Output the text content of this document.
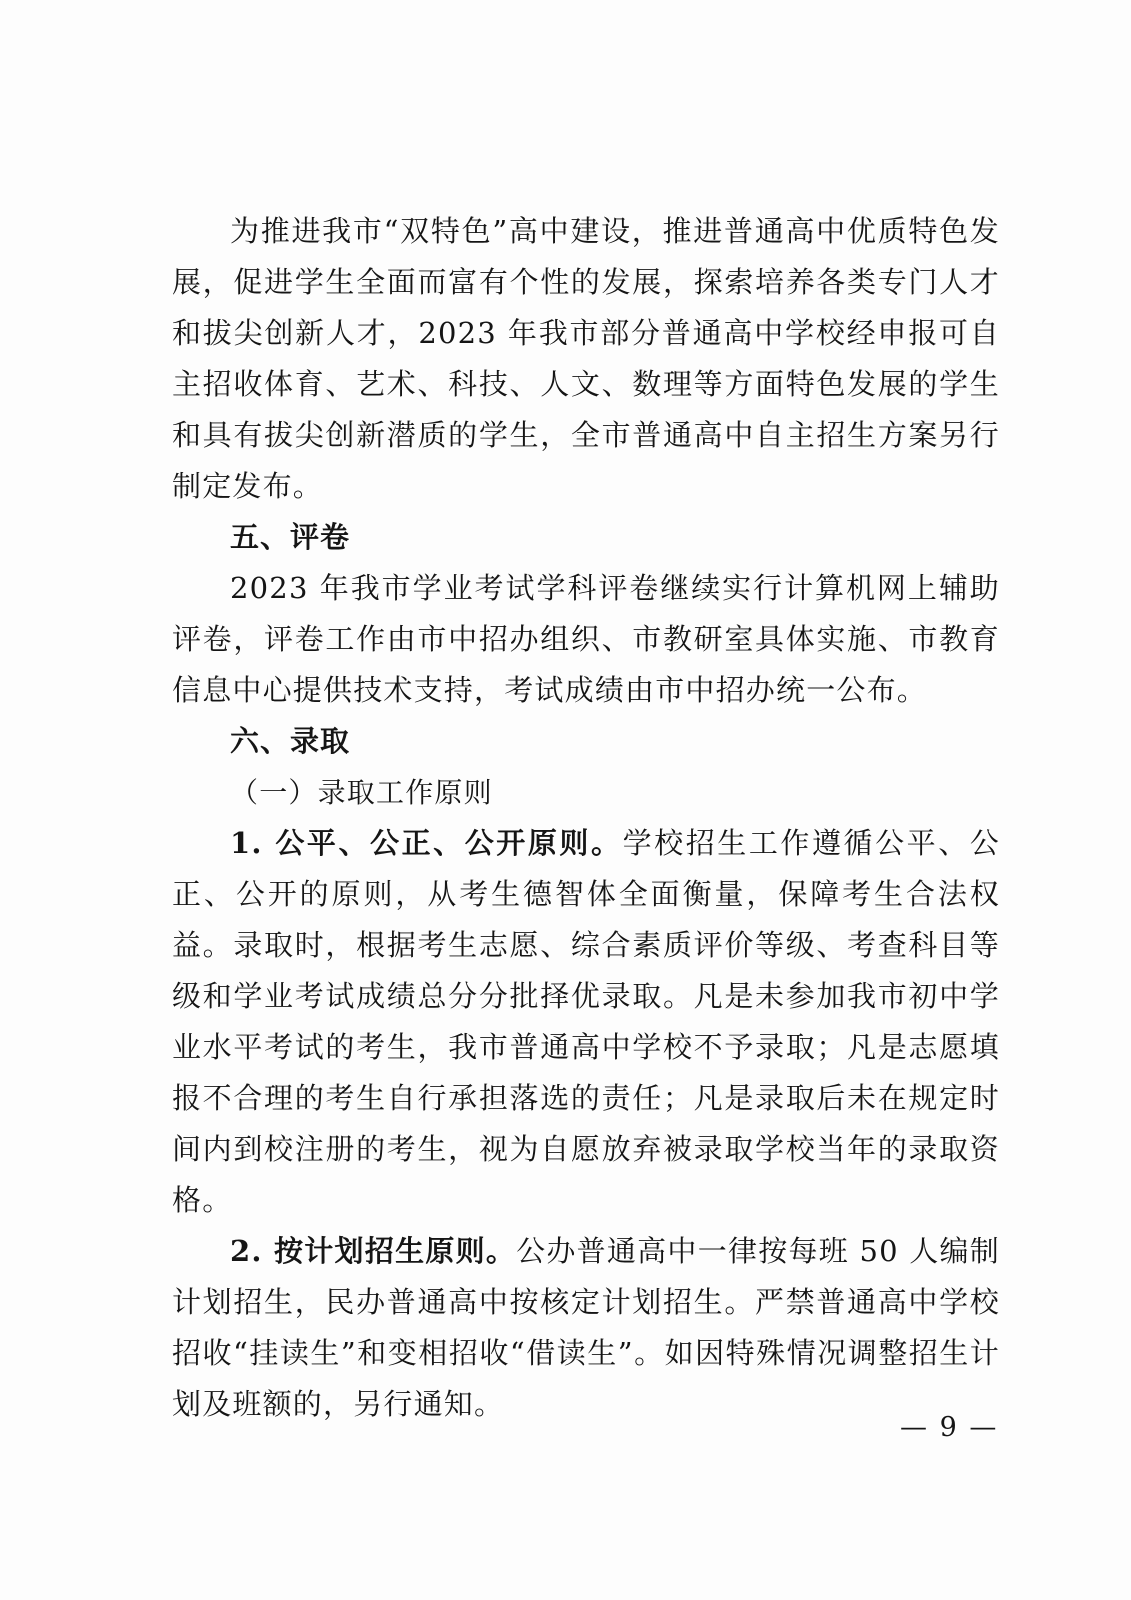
为推进我市“双特色”高中建设，推进普通高中优质特色发展，促进学生全面而富有个性的发展，探索培养各类专门人才和拔尖创新人才，2023 年我市部分普通高中学校经申报可自主招收体育、艺术、科技、人文、数理等方面特色发展的学生和具有拔尖创新潜质的学生，全市普通高中自主招生方案另行制定发布。

五、评卷

2023 年我市学业考试学科评卷继续实行计算机网上辅助评卷，评卷工作由市中招办组织、市教研室具体实施、市教育信息中心提供技术支持，考试成绩由市中招办统一公布。

六、录取

（一）录取工作原则

1. 公平、公正、公开原则。学校招生工作遵循公平、公正、公开的原则，从考生德智体全面衡量，保障考生合法权益。录取时，根据考生志愿、综合素质评价等级、考查科目等级和学业考试成绩总分分批择优录取。凡是未参加我市初中学业水平考试的考生，我市普通高中学校不予录取；凡是志愿填报不合理的考生自行承担落选的责任；凡是录取后未在规定时间内到校注册的考生，视为自愿放弃被录取学校当年的录取资格。

2. 按计划招生原则。公办普通高中一律按每班 50 人编制计划招生，民办普通高中按核定计划招生。严禁普通高中学校招收“挂读生”和变相招收“借读生”。如因特殊情况调整招生计划及班额的，另行通知。

— 9 —
